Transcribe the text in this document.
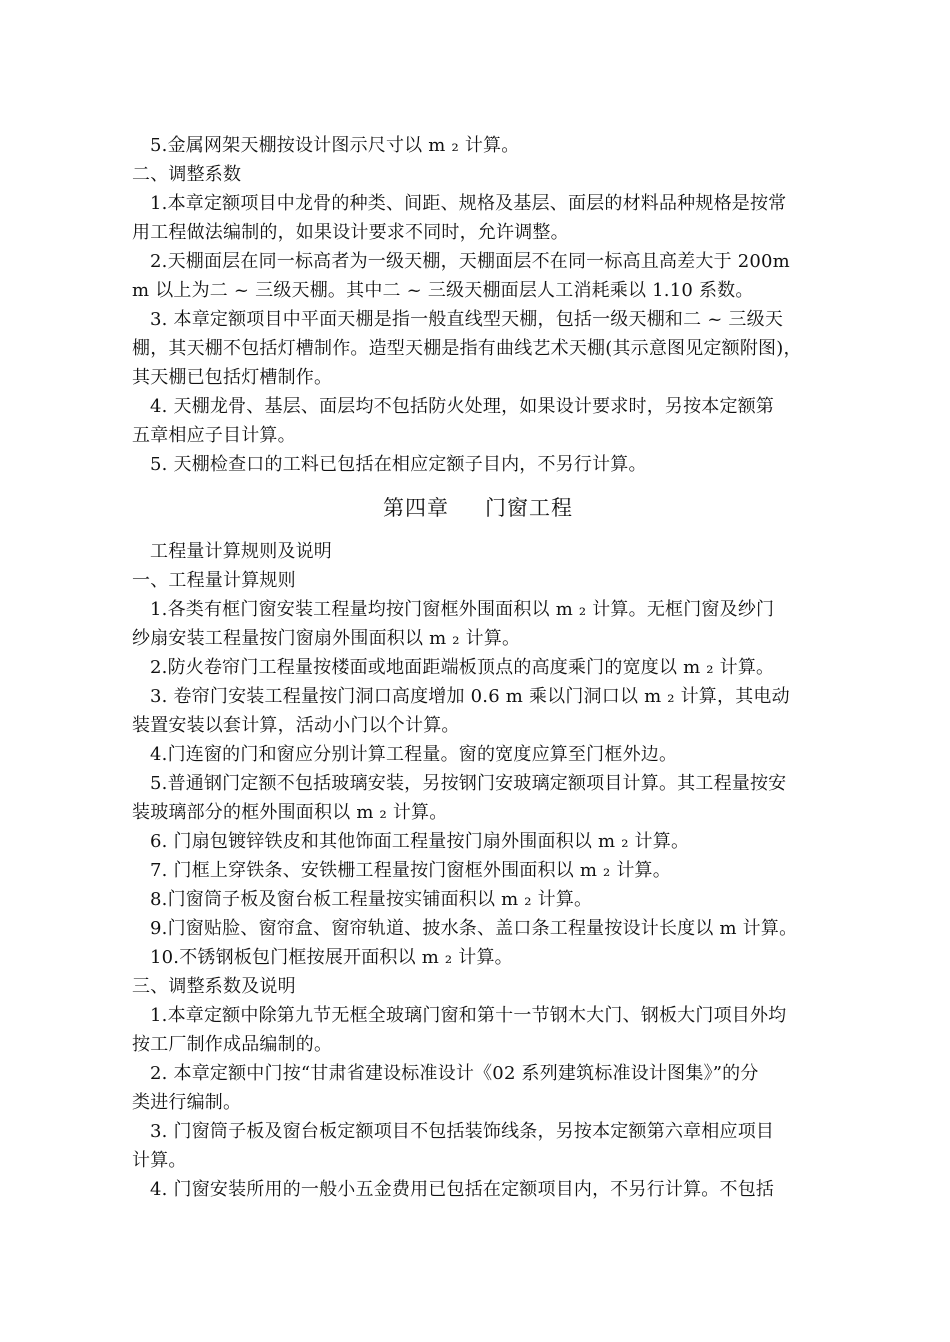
5.金属网架天棚按设计图示尺寸以 m ₂ 计算。
二、调整系数
1.本章定额项目中龙骨的种类、间距、规格及基层、面层的材料品种规格是按常
用工程做法编制的，如果设计要求不同时，允许调整。
2.天棚面层在同一标高者为一级天棚，天棚面层不在同一标高且高差大于 200m
m 以上为二 ~ 三级天棚。其中二 ~ 三级天棚面层人工消耗乘以 1.10 系数。
3. 本章定额项目中平面天棚是指一般直线型天棚，包括一级天棚和二 ~ 三级天
棚，其天棚不包括灯槽制作。造型天棚是指有曲线艺术天棚(其示意图见定额附图)，
其天棚已包括灯槽制作。
4. 天棚龙骨、基层、面层均不包括防火处理，如果设计要求时，另按本定额第
五章相应子目计算。
5. 天棚检查口的工料已包括在相应定额子目内，不另行计算。
第四章 门窗工程
工程量计算规则及说明
一、工程量计算规则
1.各类有框门窗安装工程量均按门窗框外围面积以 m ₂ 计算。无框门窗及纱门
纱扇安装工程量按门窗扇外围面积以 m ₂ 计算。
2.防火卷帘门工程量按楼面或地面距端板顶点的高度乘门的宽度以 m ₂ 计算。
3. 卷帘门安装工程量按门洞口高度增加 0.6 m 乘以门洞口以 m ₂ 计算，其电动
装置安装以套计算，活动小门以个计算。
4.门连窗的门和窗应分别计算工程量。窗的宽度应算至门框外边。
5.普通钢门定额不包括玻璃安装，另按钢门安玻璃定额项目计算。其工程量按安
装玻璃部分的框外围面积以 m ₂ 计算。
6. 门扇包镀锌铁皮和其他饰面工程量按门扇外围面积以 m ₂ 计算。
7. 门框上穿铁条、安铁栅工程量按门窗框外围面积以 m ₂ 计算。
8.门窗筒子板及窗台板工程量按实铺面积以 m ₂ 计算。
9.门窗贴脸、窗帘盒、窗帘轨道、披水条、盖口条工程量按设计长度以 m 计算。
10.不锈钢板包门框按展开面积以 m ₂ 计算。
三、调整系数及说明
1.本章定额中除第九节无框全玻璃门窗和第十一节钢木大门、钢板大门项目外均
按工厂制作成品编制的。
2. 本章定额中门按“甘肃省建设标准设计《02 系列建筑标准设计图集》”的分
类进行编制。
3. 门窗筒子板及窗台板定额项目不包括装饰线条，另按本定额第六章相应项目
计算。
4. 门窗安装所用的一般小五金费用已包括在定额项目内，不另行计算。不包括
